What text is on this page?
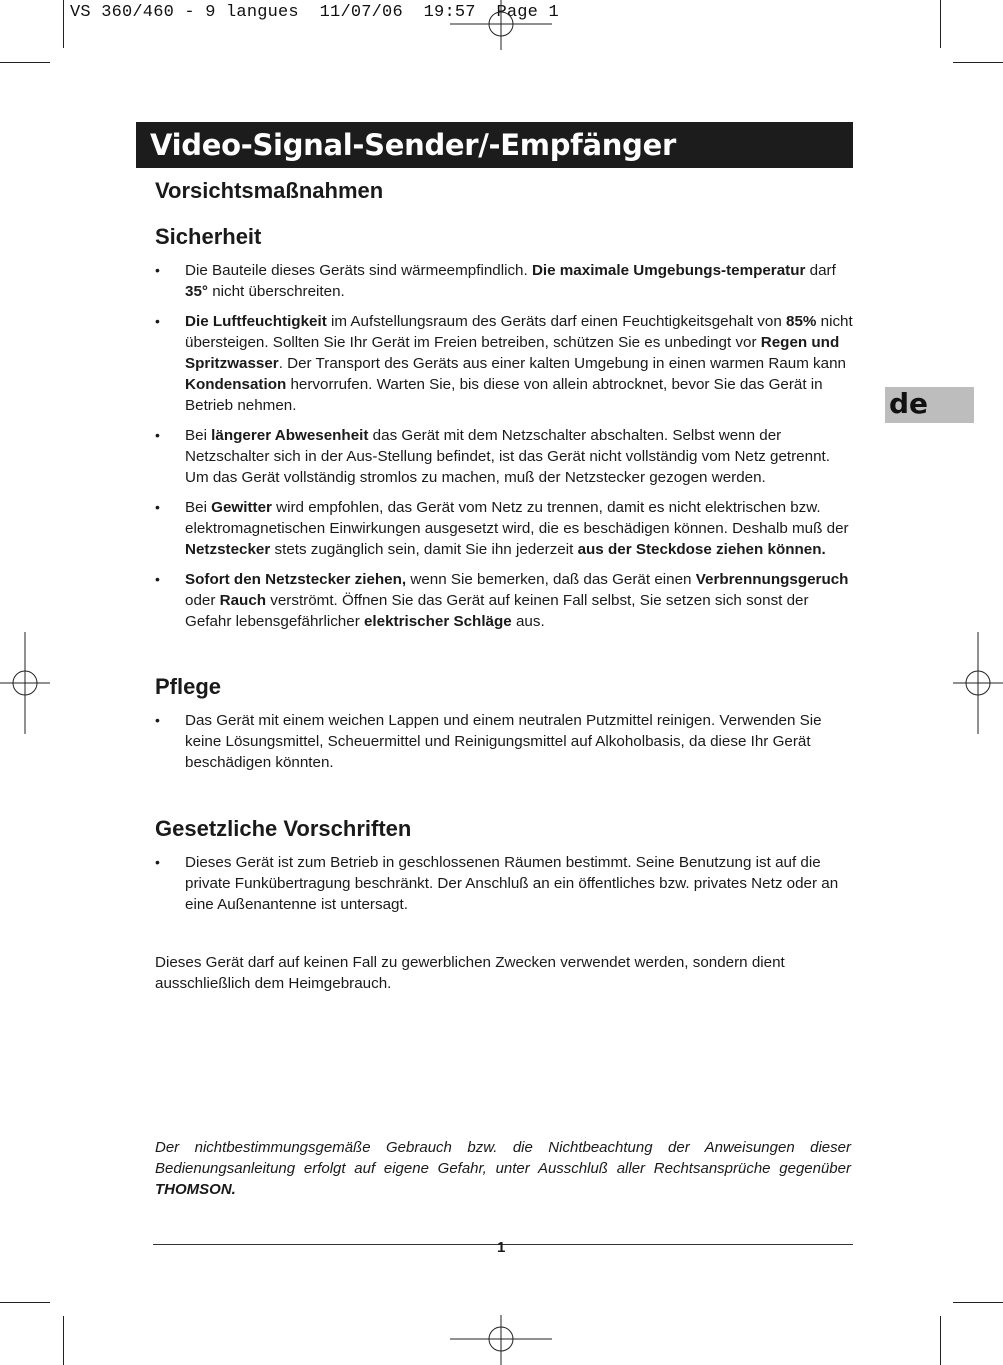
VS 360/460 - 9 langues  11/07/06  19:57  Page 1
Video-Signal-Sender/-Empfänger
de
Vorsichtsmaßnahmen
Sicherheit
• Die Bauteile dieses Geräts sind wärmeempfindlich. Die maximale Umgebungs-temperatur darf 35° nicht überschreiten.
• Die Luftfeuchtigkeit im Aufstellungsraum des Geräts darf einen Feuchtigkeitsgehalt von 85% nicht übersteigen. Sollten Sie Ihr Gerät im Freien betreiben, schützen Sie es unbedingt vor Regen und Spritzwasser. Der Transport des Geräts aus einer kalten Umgebung in einen warmen Raum kann Kondensation hervorrufen. Warten Sie, bis diese von allein abtrocknet, bevor Sie das Gerät in Betrieb nehmen.
• Bei längerer Abwesenheit das Gerät mit dem Netzschalter abschalten. Selbst wenn der Netzschalter sich in der Aus-Stellung befindet, ist das Gerät nicht vollständig vom Netz getrennt. Um das Gerät vollständig stromlos zu machen, muß der Netzstecker gezogen werden.
• Bei Gewitter wird empfohlen, das Gerät vom Netz zu trennen, damit es nicht elektrischen bzw. elektromagnetischen Einwirkungen ausgesetzt wird, die es beschädigen können. Deshalb muß der Netzstecker stets zugänglich sein, damit Sie ihn jederzeit aus der Steckdose ziehen können.
• Sofort den Netzstecker ziehen, wenn Sie bemerken, daß das Gerät einen Verbrennungsgeruch oder Rauch verströmt. Öffnen Sie das Gerät auf keinen Fall selbst, Sie setzen sich sonst der Gefahr lebensgefährlicher elektrischer Schläge aus.
Pflege
• Das Gerät mit einem weichen Lappen und einem neutralen Putzmittel reinigen. Verwenden Sie keine Lösungsmittel, Scheuermittel und Reinigungsmittel auf Alkoholbasis, da diese Ihr Gerät beschädigen könnten.
Gesetzliche Vorschriften
• Dieses Gerät ist zum Betrieb in geschlossenen Räumen bestimmt. Seine Benutzung ist auf die private Funkübertragung beschränkt. Der Anschluß an ein öffentliches bzw. privates Netz oder an eine Außenantenne ist untersagt.

Dieses Gerät darf auf keinen Fall zu gewerblichen Zwecken verwendet werden, sondern dient ausschließlich dem Heimgebrauch.

Der nichtbestimmungsgemäße Gebrauch bzw. die Nichtbeachtung der Anweisungen dieser Bedienungsanleitung erfolgt auf eigene Gefahr, unter Ausschluß aller Rechtsansprüche gegenüber THOMSON.

1
